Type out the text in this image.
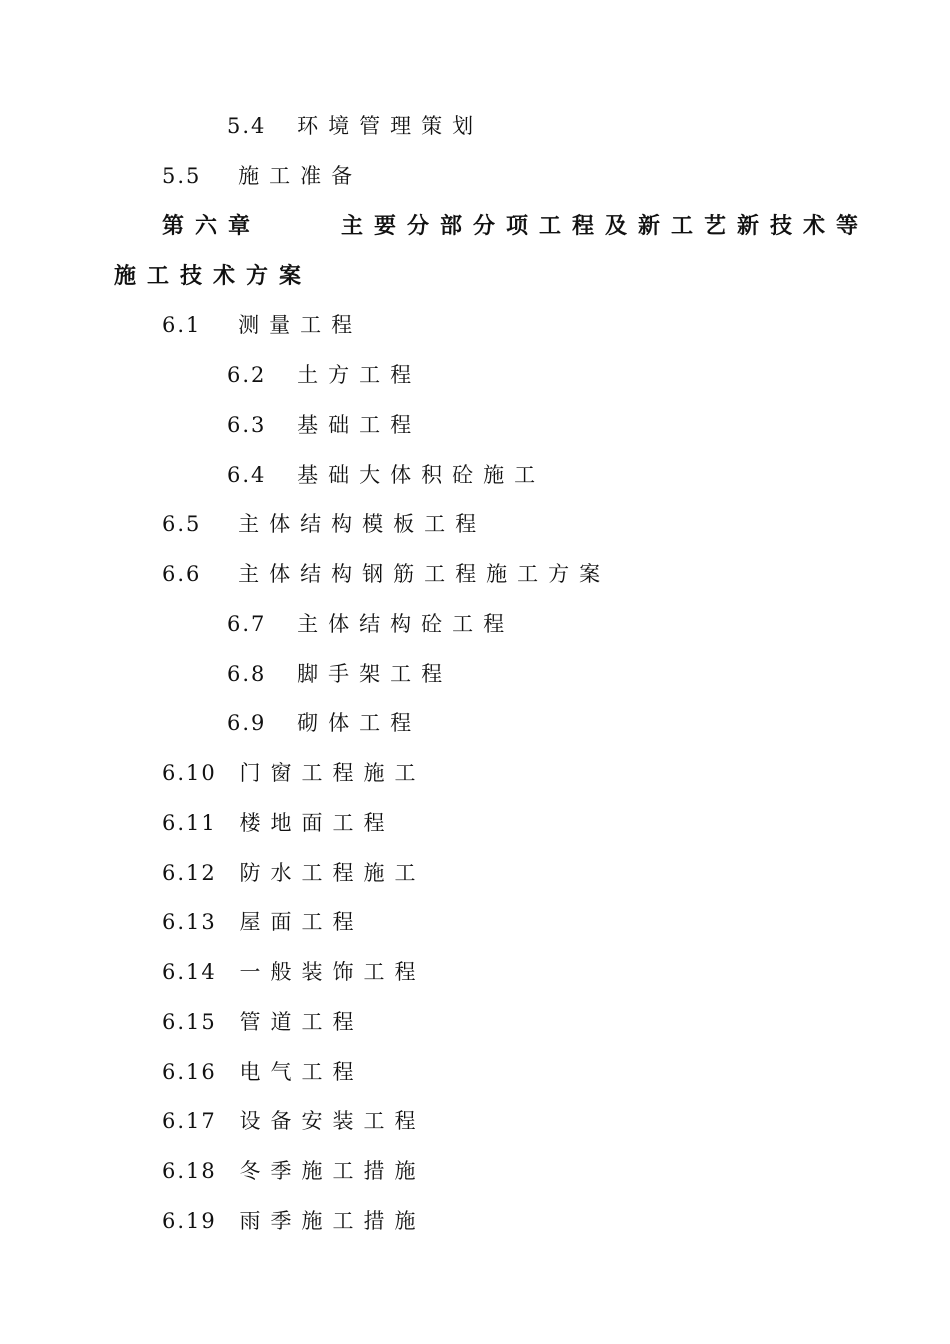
5.4 环境管理策划
5.5 施工准备
第六章	主要分部分项工程及新工艺新技术等
施工技术方案
6.1 测量工程
6.2 土方工程
6.3 基础工程
6.4 基础大体积砼施工
6.5 主体结构模板工程
6.6 主体结构钢筋工程施工方案
6.7 主体结构砼工程
6.8 脚手架工程
6.9 砌体工程
6.10 门窗工程施工
6.11 楼地面工程
6.12 防水工程施工
6.13 屋面工程
6.14 一般装饰工程
6.15 管道工程
6.16 电气工程
6.17 设备安装工程
6.18 冬季施工措施
6.19 雨季施工措施
